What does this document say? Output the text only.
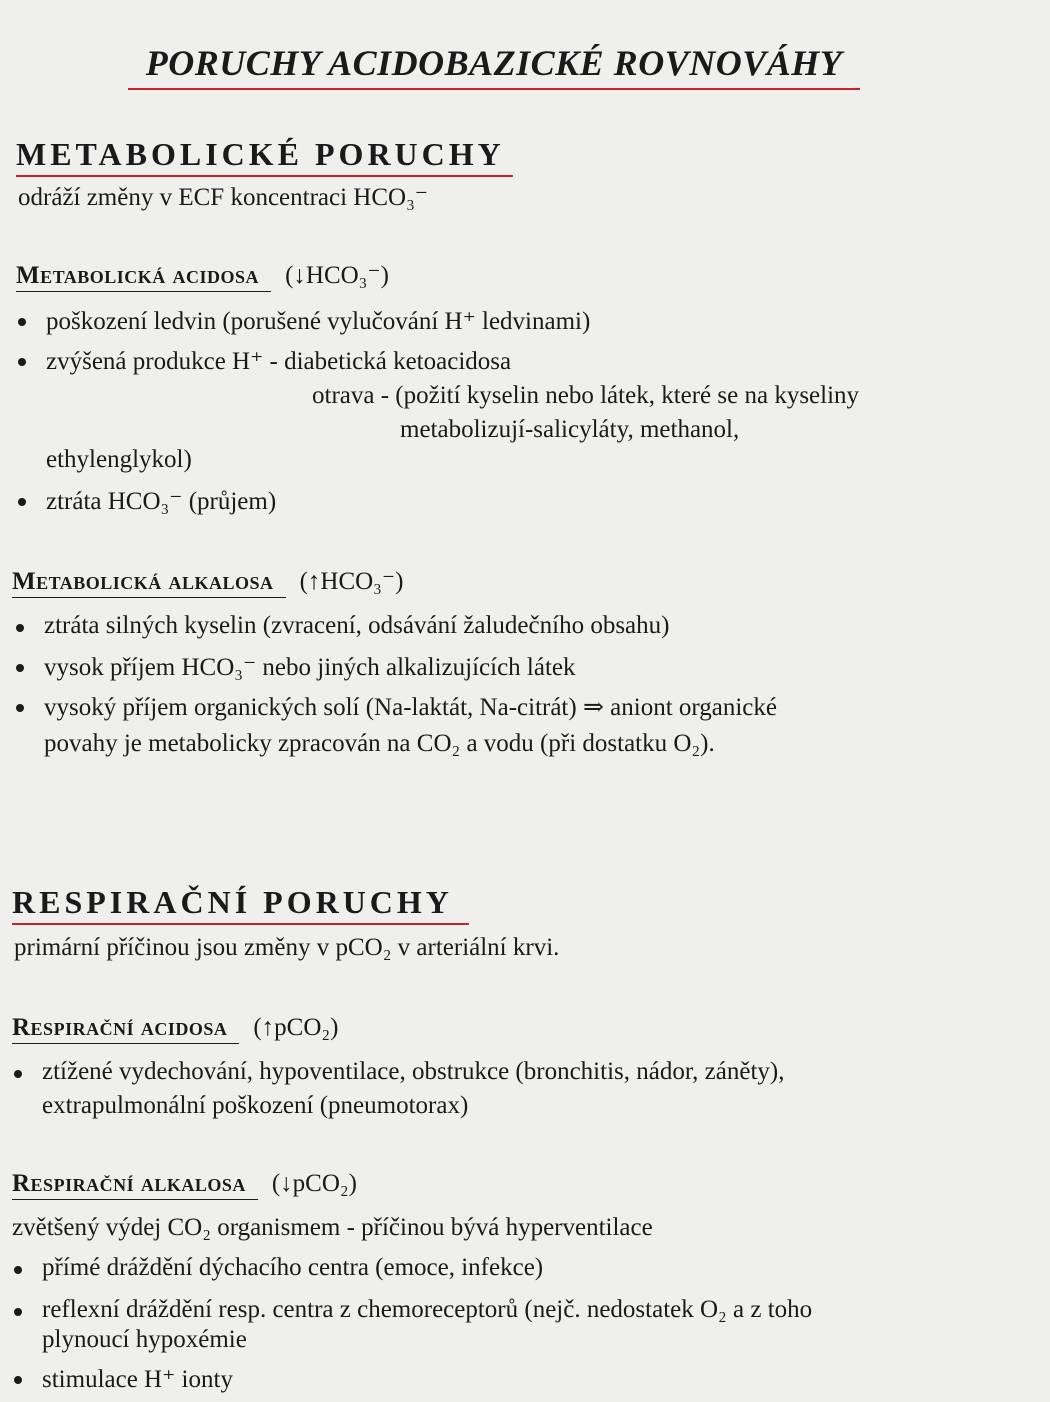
PORUCHY ACIDOBAZICKÉ ROVNOVÁHY
METABOLICKÉ PORUCHY
odráží změny v ECF koncentraci HCO₃⁻
Metabolická acidosa (↓HCO₃⁻)
poškození ledvin (porušené vylučování H⁺ ledvinami)
zvýšená produkce H⁺ - diabetická ketoacidosa
otrava - (požití kyselin nebo látek, které se na kyseliny
metabolizují-salicyláty, methanol,
ethylenglykol)
ztráta HCO₃⁻ (průjem)
Metabolická alkalosa (↑HCO₃⁻)
ztráta silných kyselin (zvracení, odsávání žaludečního obsahu)
vysok příjem HCO₃⁻ nebo jiných alkalizujících látek
vysoký příjem organických solí (Na-laktát, Na-citrát) ⇒ aniont organické
povahy je metabolicky zpracován na CO₂ a vodu (při dostatku O₂).
RESPIRAČNÍ PORUCHY
primární příčinou jsou změny v pCO₂ v arteriální krvi.
Respirační acidosa (↑pCO₂)
ztížené vydechování, hypoventilace, obstrukce (bronchitis, nádor, záněty),
extrapulmonální poškození (pneumotorax)
Respirační alkalosa (↓pCO₂)
zvětšený výdej CO₂ organismem - příčinou bývá hyperventilace
přímé dráždění dýchacího centra (emoce, infekce)
reflexní dráždění resp. centra z chemoreceptorů (nejč. nedostatek O₂ a z toho
plynoucí hypoxémie
stimulace H⁺ ionty
